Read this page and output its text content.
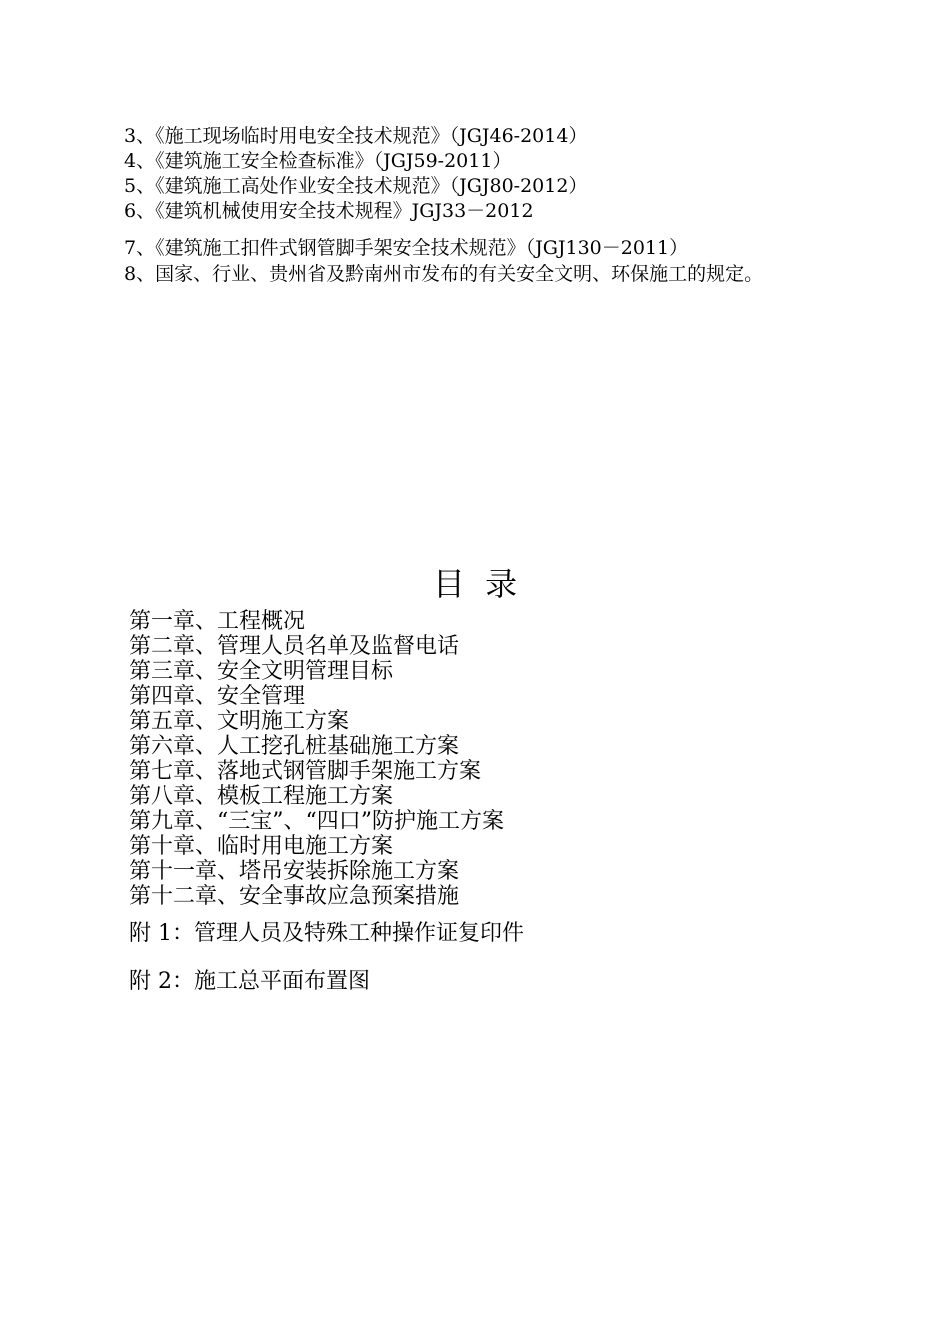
3、《施工现场临时用电安全技术规范》（JGJ46-2014）
4、《建筑施工安全检查标准》（JGJ59-2011）
5、《建筑施工高处作业安全技术规范》（JGJ80-2012）
6、《建筑机械使用安全技术规程》JGJ33－2012
7、《建筑施工扣件式钢管脚手架安全技术规范》（JGJ130－2011）
8、国家、行业、贵州省及黔南州市发布的有关安全文明、环保施工的规定。
目  录
第一章、工程概况
第二章、管理人员名单及监督电话
第三章、安全文明管理目标
第四章、安全管理
第五章、文明施工方案
第六章、人工挖孔桩基础施工方案
第七章、落地式钢管脚手架施工方案
第八章、模板工程施工方案
第九章、“三宝”、“四口”防护施工方案
第十章、临时用电施工方案
第十一章、塔吊安装拆除施工方案
第十二章、安全事故应急预案措施
附 1：管理人员及特殊工种操作证复印件
附 2：施工总平面布置图
